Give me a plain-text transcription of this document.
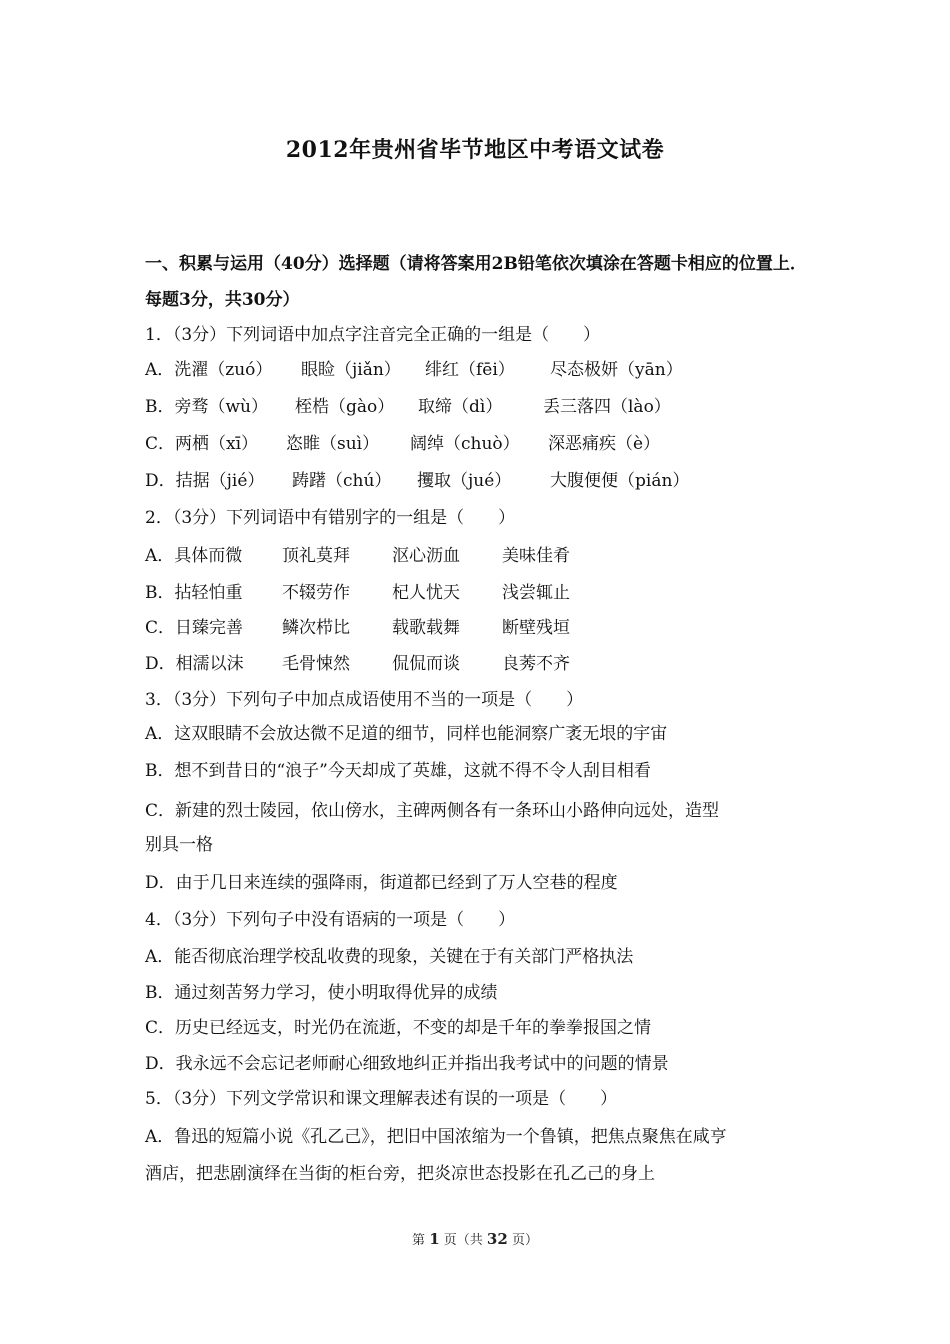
2012年贵州省毕节地区中考语文试卷
一、积累与运用（40分）选择题（请将答案用2B铅笔依次填涂在答题卡相应的位置上．每题3分，共30分）
1．（3分）下列词语中加点字注音完全正确的一组是（　　）
A．洗濯（zuó） 眼睑（jiǎn） 绯红（fēi） 尽态极妍（yān）
B．旁骛（wù） 桎梏（gào） 取缔（dì） 丢三落四（lào）
C．两栖（xī） 恣睢（suì） 阔绰（chuò） 深恶痛疾（è）
D．拮据（jié） 踌躇（chú） 攫取（jué） 大腹便便（pián）
2．（3分）下列词语中有错别字的一组是（　　）
A．具体而微 顶礼莫拜 沤心沥血 美味佳肴
B．拈轻怕重 不辍劳作 杞人忧天 浅尝辄止
C．日臻完善 鳞次栉比 载歌载舞 断壁残垣
D．相濡以沫 毛骨悚然 侃侃而谈 良莠不齐
3．（3分）下列句子中加点成语使用不当的一项是（　　）
A．这双眼睛不会放达微不足道的细节，同样也能洞察广袤无垠的宇宙
B．想不到昔日的“浪子”今天却成了英雄，这就不得不令人刮目相看
C．新建的烈士陵园，依山傍水，主碑两侧各有一条环山小路伸向远处，造型
别具一格
D．由于几日来连续的强降雨，街道都已经到了万人空巷的程度
4．（3分）下列句子中没有语病的一项是（　　）
A．能否彻底治理学校乱收费的现象，关键在于有关部门严格执法
B．通过刻苦努力学习，使小明取得优异的成绩
C．历史已经远支，时光仍在流逝，不变的却是千年的拳拳报国之情
D．我永远不会忘记老师耐心细致地纠正并指出我考试中的问题的情景
5．（3分）下列文学常识和课文理解表述有误的一项是（　　）
A．鲁迅的短篇小说《孔乙己》，把旧中国浓缩为一个鲁镇，把焦点聚焦在咸亨
酒店，把悲剧演绎在当街的柜台旁，把炎凉世态投影在孔乙己的身上
第 1 页（共 32 页）
